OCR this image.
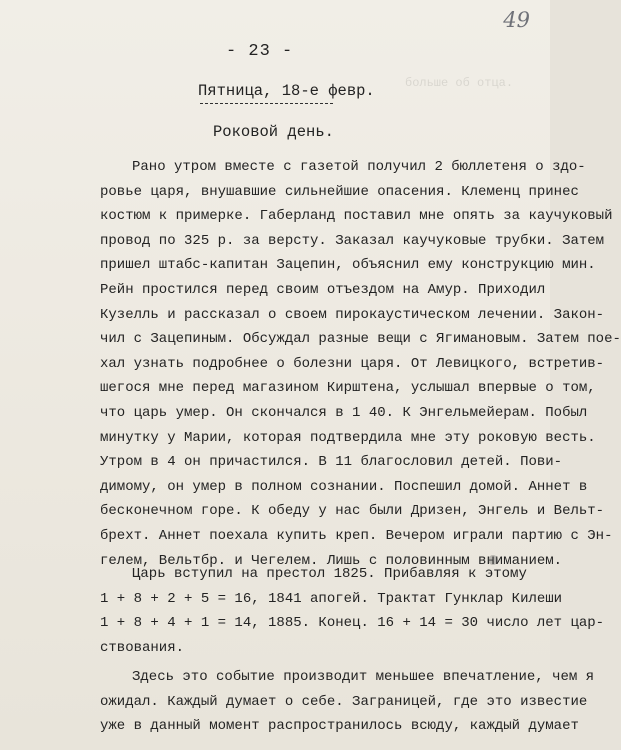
больше об отца.
49
- 23 -
Пятница, 18-е февр.
Роковой день.
Рано утром вместе с газетой получил 2 бюллетеня о здо-
ровье царя, внушавшие сильнейшие опасения. Клеменц принес
костюм к примерке. Габерланд поставил мне опять за каучуковый
провод по 325 р. за версту. Заказал каучуковые трубки. Затем
пришел штабс-капитан Зацепин, объяснил ему конструкцию мин.
Рейн простился перед своим отъездом на Амур. Приходил
Кузелль и рассказал о своем пирокаустическом лечении. Закон-
чил с Зацепиным. Обсуждал разные вещи с Ягимановым. Затем пое-
хал узнать подробнее о болезни царя. От Левицкого, встретив-
шегося мне перед магазином Кирштена, услышал впервые о том,
что царь умер. Он скончался в 1 40. К Энгельмейерам. Побыл
минутку у Марии, которая подтвердила мне эту роковую весть.
Утром в 4 он причастился. В 11 благословил детей. Пови-
димому, он умер в полном сознании. Поспешил домой. Аннет в
бесконечном горе. К обеду у нас были Дризен, Энгель и Вельт-
брехт. Аннет поехала купить креп. Вечером играли партию с Эн-
гелем, Вельтбр. и Чегелем. Лишь с половинным вниманием.
Царь вступил на престол 1825. Прибавляя к этому
1 + 8 + 2 + 5 = 16, 1841 апогей. Трактат Гунклар Килеши
1 + 8 + 4 + 1 = 14, 1885. Конец. 16 + 14 = 30 число лет цар-
ствования.
Здесь это событие производит меньшее впечатление, чем я
ожидал. Каждый думает о себе. Заграницей, где это известие
уже в данный момент распространилось всюду, каждый думает
